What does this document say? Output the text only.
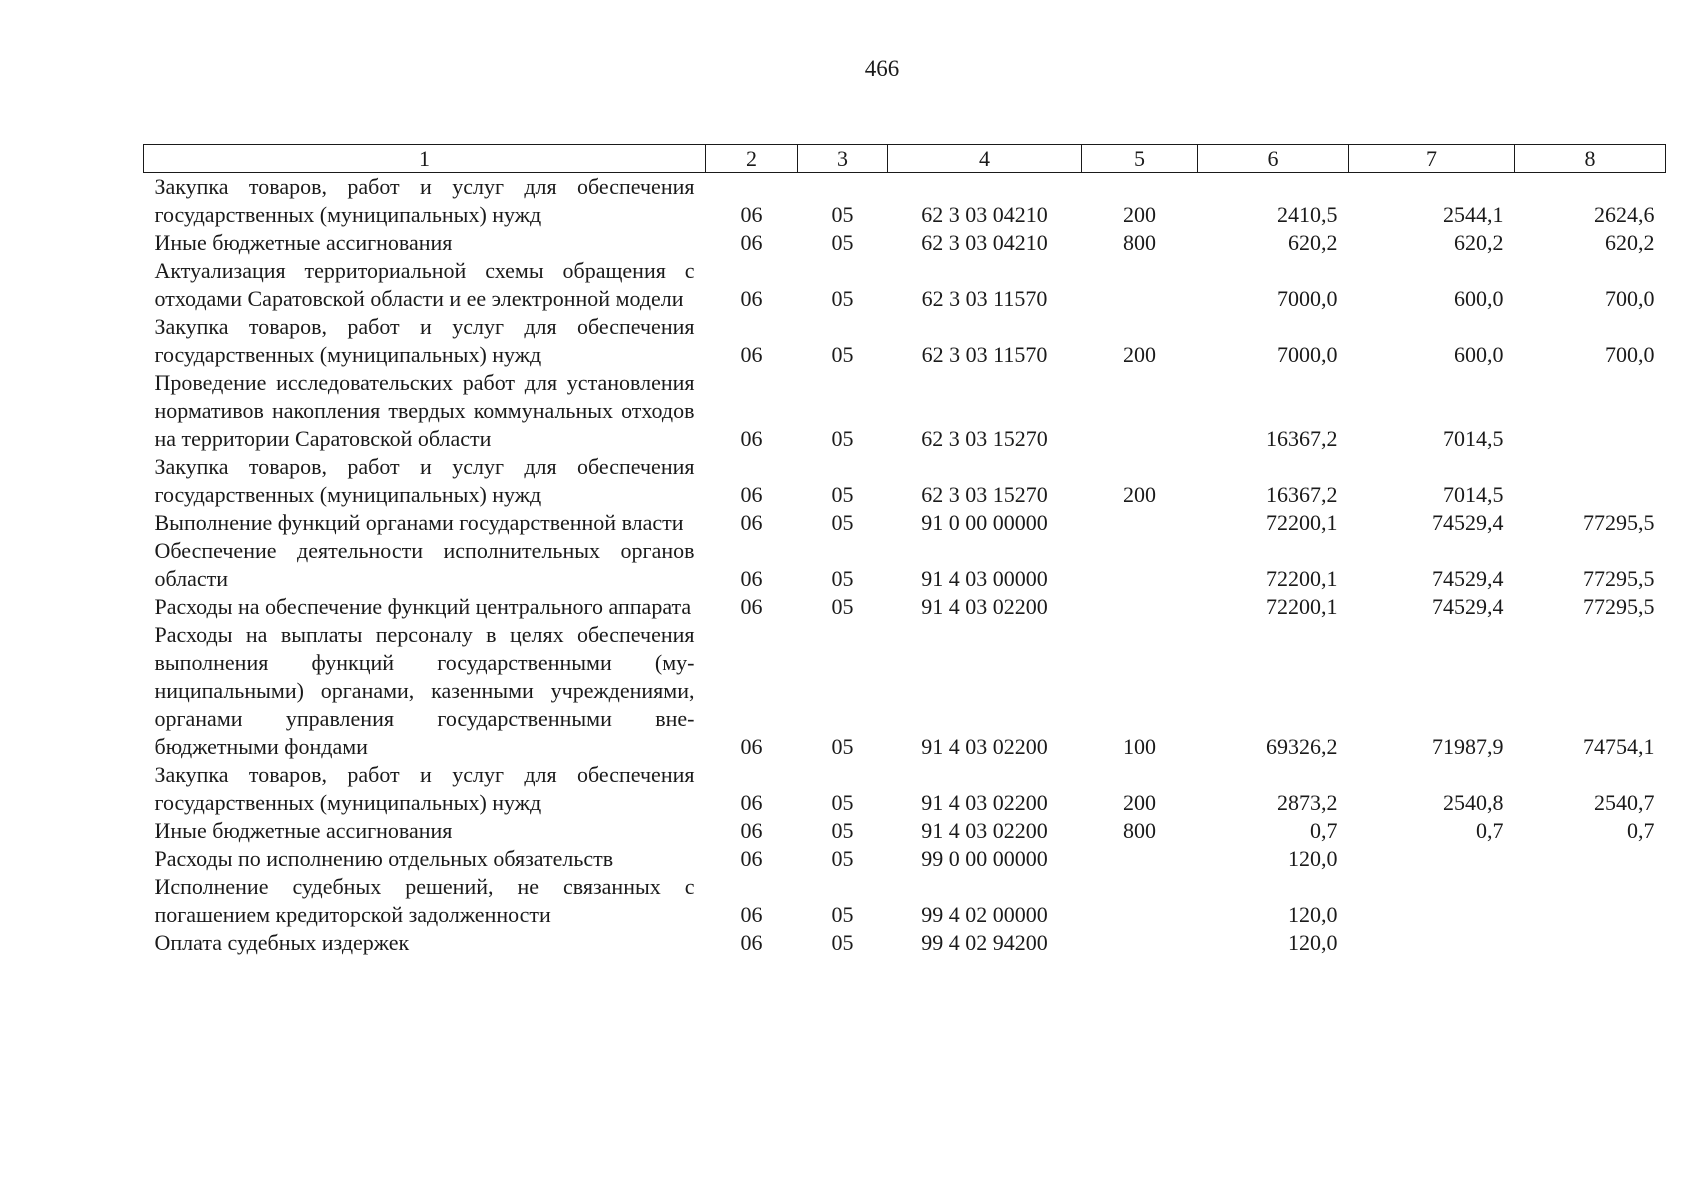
466
1	2	3	4	5	6	7	8
Закупка товаров, работ и услуг для обеспечения государственных (муниципальных) нужд	06	05	62 3 03 04210	200	2410,5	2544,1	2624,6
Иные бюджетные ассигнования	06	05	62 3 03 04210	800	620,2	620,2	620,2
Актуализация территориальной схемы обращения с отходами Саратовской области и ее электронной модели	06	05	62 3 03 11570		7000,0	600,0	700,0
Закупка товаров, работ и услуг для обеспечения государственных (муниципальных) нужд	06	05	62 3 03 11570	200	7000,0	600,0	700,0
Проведение исследовательских работ для установления нормативов накопления твердых коммунальных отходов на территории Саратовской области	06	05	62 3 03 15270		16367,2	7014,5	
Закупка товаров, работ и услуг для обеспечения государственных (муниципальных) нужд	06	05	62 3 03 15270	200	16367,2	7014,5	
Выполнение функций органами государственной власти	06	05	91 0 00 00000		72200,1	74529,4	77295,5
Обеспечение деятельности исполнительных органов области	06	05	91 4 03 00000		72200,1	74529,4	77295,5
Расходы на обеспечение функций центрального аппарата	06	05	91 4 03 02200		72200,1	74529,4	77295,5
Расходы на выплаты персоналу в целях обеспечения выполнения функций государственными (муниципальными) органами, казенными учреждениями, органами управления государственными внебюджетными фондами	06	05	91 4 03 02200	100	69326,2	71987,9	74754,1
Закупка товаров, работ и услуг для обеспечения государственных (муниципальных) нужд	06	05	91 4 03 02200	200	2873,2	2540,8	2540,7
Иные бюджетные ассигнования	06	05	91 4 03 02200	800	0,7	0,7	0,7
Расходы по исполнению отдельных обязательств	06	05	99 0 00 00000		120,0		
Исполнение судебных решений, не связанных с погашением кредиторской задолженности	06	05	99 4 02 00000		120,0		
Оплата судебных издержек	06	05	99 4 02 94200		120,0		
